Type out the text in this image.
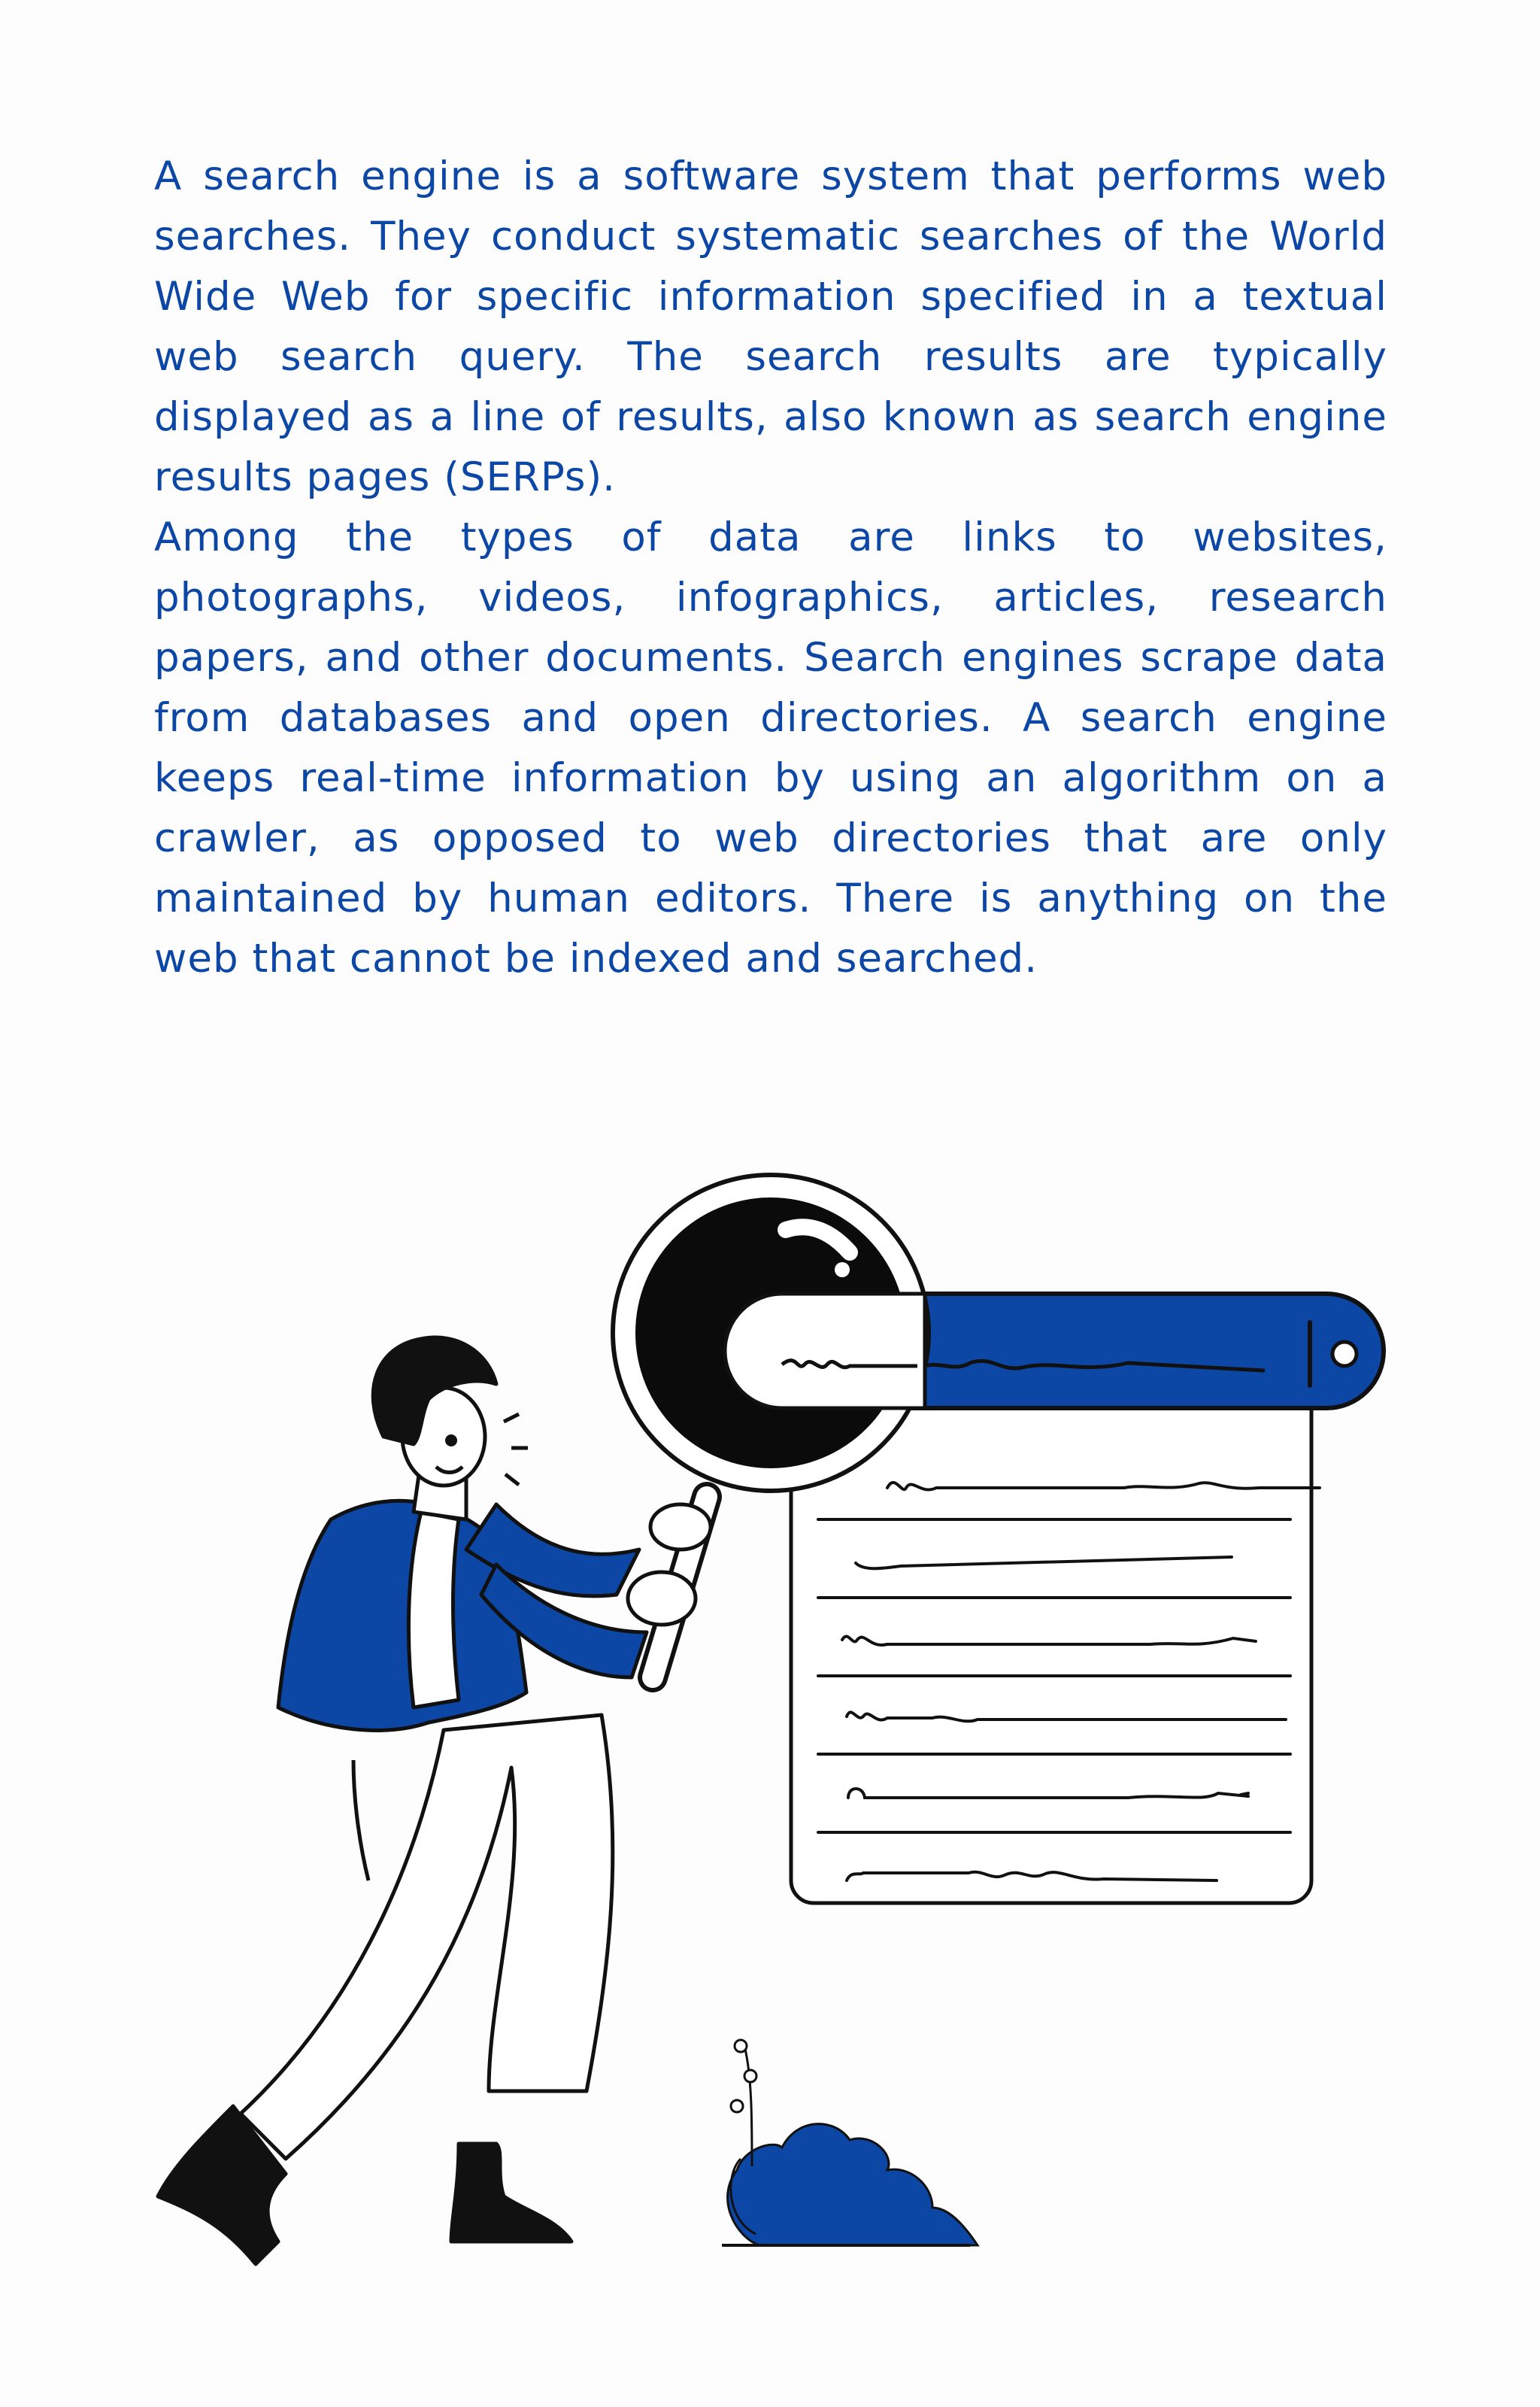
A search engine is a software system that performs web searches. They conduct systematic searches of the World Wide Web for specific information specified in a textual web search query. The search results are typically displayed as a line of results, also known as search engine results pages (SERPs).

Among the types of data are links to websites, photographs, videos, infographics, articles, research papers, and other documents. Search engines scrape data from databases and open directories. A search engine keeps real-time information by using an algorithm on a crawler, as opposed to web directories that are only maintained by human editors. There is anything on the web that cannot be indexed and searched.
